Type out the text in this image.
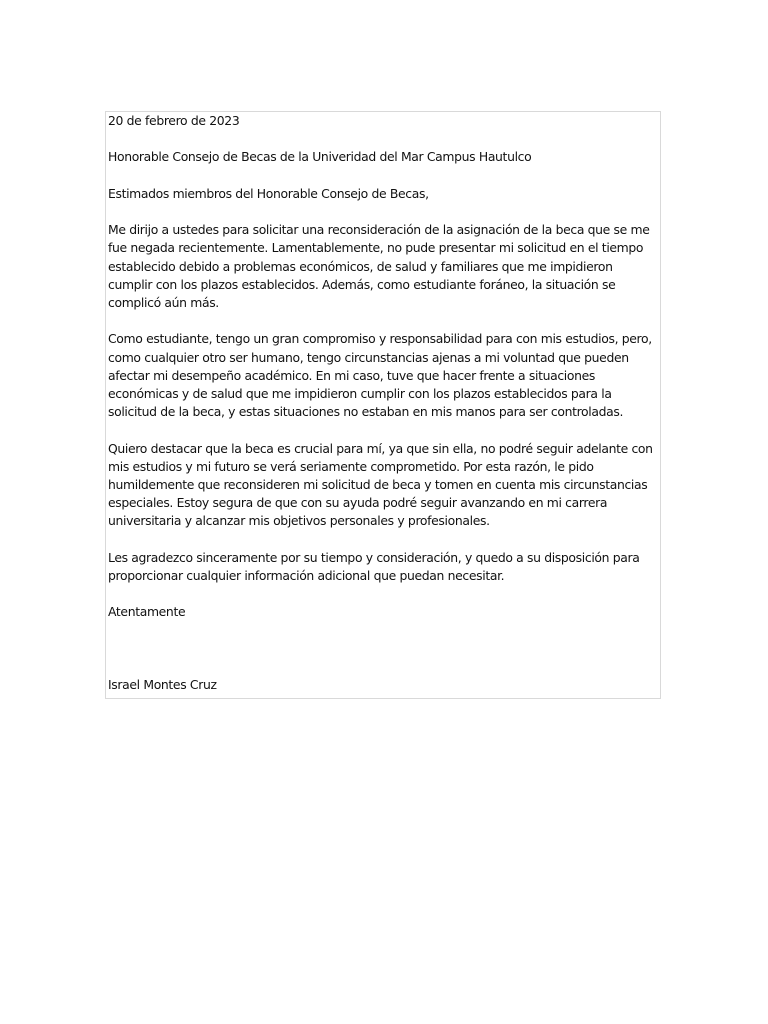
20 de febrero de 2023

Honorable Consejo de Becas de la Univeridad del Mar Campus Hautulco

Estimados miembros del Honorable Consejo de Becas,

Me dirijo a ustedes para solicitar una reconsideración de la asignación de la beca que se me fue negada recientemente. Lamentablemente, no pude presentar mi solicitud en el tiempo establecido debido a problemas económicos, de salud y familiares que me impidieron cumplir con los plazos establecidos. Además, como estudiante foráneo, la situación se complicó aún más.

Como estudiante, tengo un gran compromiso y responsabilidad para con mis estudios, pero, como cualquier otro ser humano, tengo circunstancias ajenas a mi voluntad que pueden afectar mi desempeño académico. En mi caso, tuve que hacer frente a situaciones económicas y de salud que me impidieron cumplir con los plazos establecidos para la solicitud de la beca, y estas situaciones no estaban en mis manos para ser controladas.

Quiero destacar que la beca es crucial para mí, ya que sin ella, no podré seguir adelante con mis estudios y mi futuro se verá seriamente comprometido. Por esta razón, le pido humildemente que reconsideren mi solicitud de beca y tomen en cuenta mis circunstancias especiales. Estoy segura de que con su ayuda podré seguir avanzando en mi carrera universitaria y alcanzar mis objetivos personales y profesionales.

Les agradezco sinceramente por su tiempo y consideración, y quedo a su disposición para proporcionar cualquier información adicional que puedan necesitar.

Atentamente

Israel Montes Cruz
